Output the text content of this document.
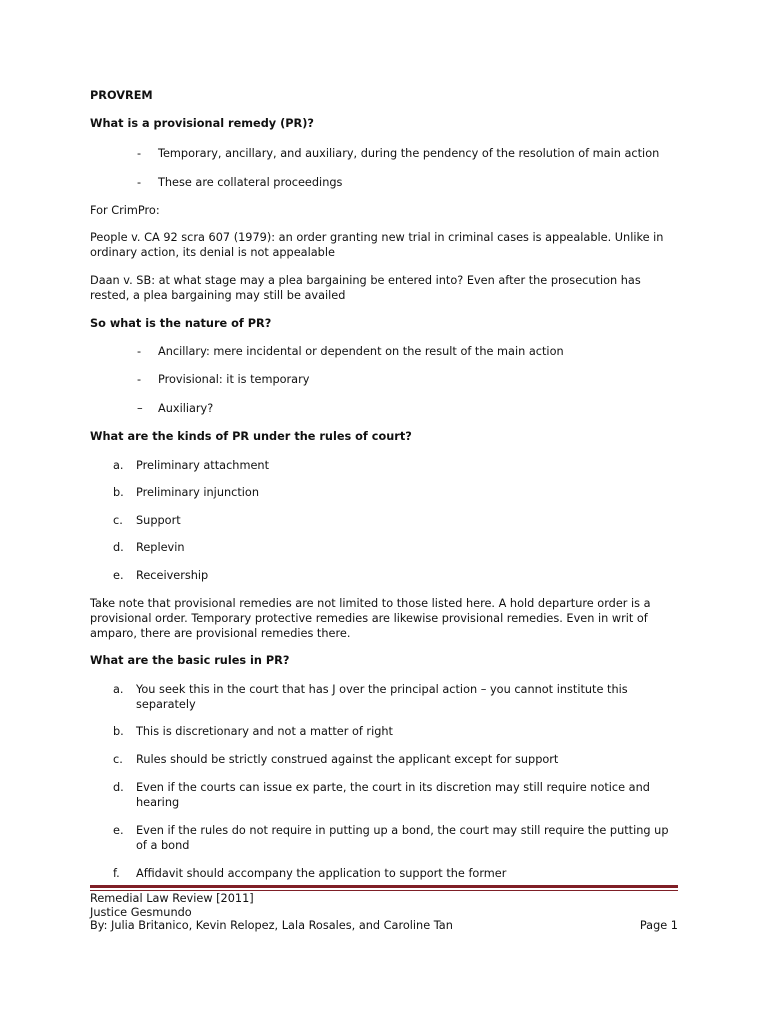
PROVREM
What is a provisional remedy (PR)?
- Temporary, ancillary, and auxiliary, during the pendency of the resolution of main action
- These are collateral proceedings
For CrimPro:
People v. CA 92 scra 607 (1979): an order granting new trial in criminal cases is appealable. Unlike in
ordinary action, its denial is not appealable
Daan v. SB: at what stage may a plea bargaining be entered into? Even after the prosecution has
rested, a plea bargaining may still be availed
So what is the nature of PR?
- Ancillary: mere incidental or dependent on the result of the main action
- Provisional: it is temporary
– Auxiliary?
What are the kinds of PR under the rules of court?
a. Preliminary attachment
b. Preliminary injunction
c. Support
d. Replevin
e. Receivership
Take note that provisional remedies are not limited to those listed here. A hold departure order is a
provisional order. Temporary protective remedies are likewise provisional remedies. Even in writ of
amparo, there are provisional remedies there.
What are the basic rules in PR?
a. You seek this in the court that has J over the principal action – you cannot institute this
separately
b. This is discretionary and not a matter of right
c. Rules should be strictly construed against the applicant except for support
d. Even if the courts can issue ex parte, the court in its discretion may still require notice and
hearing
e. Even if the rules do not require in putting up a bond, the court may still require the putting up
of a bond
f. Affidavit should accompany the application to support the former
Remedial Law Review [2011]
Justice Gesmundo
By: Julia Britanico, Kevin Relopez, Lala Rosales, and Caroline Tan	Page 1
